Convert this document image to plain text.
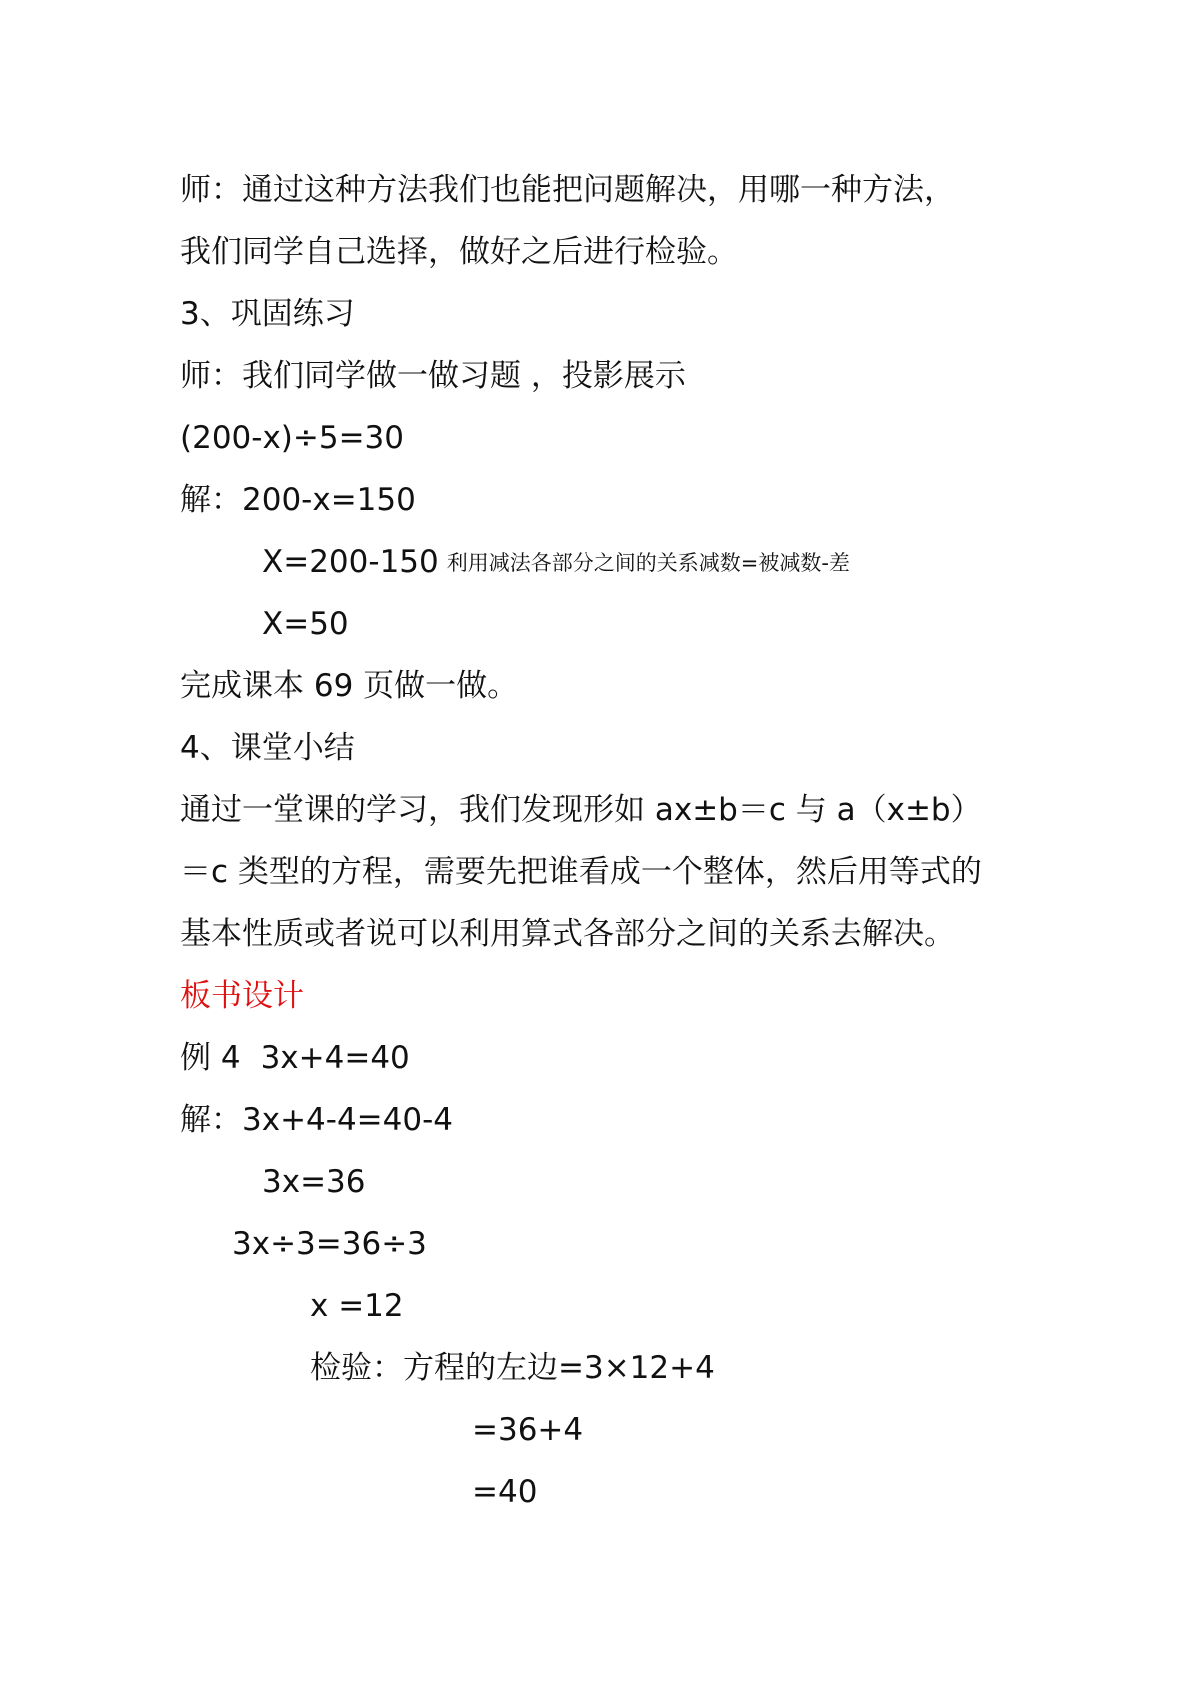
师：通过这种方法我们也能把问题解决，用哪一种方法，
我们同学自己选择，做好之后进行检验。
3、巩固练习
师：我们同学做一做习题 ，投影展示
(200-x)÷5=30
解：200-x=150
X=200-150 利用减法各部分之间的关系减数=被减数-差
X=50
完成课本 69 页做一做。
4、课堂小结
通过一堂课的学习，我们发现形如 ax±b＝c 与 a（x±b）
＝c 类型的方程，需要先把谁看成一个整体，然后用等式的
基本性质或者说可以利用算式各部分之间的关系去解决。
板书设计
例 4 3x+4=40
解：3x+4-4=40-4
3x=36
3x÷3=36÷3
x =12
检验：方程的左边=3×12+4
=36+4
=40
